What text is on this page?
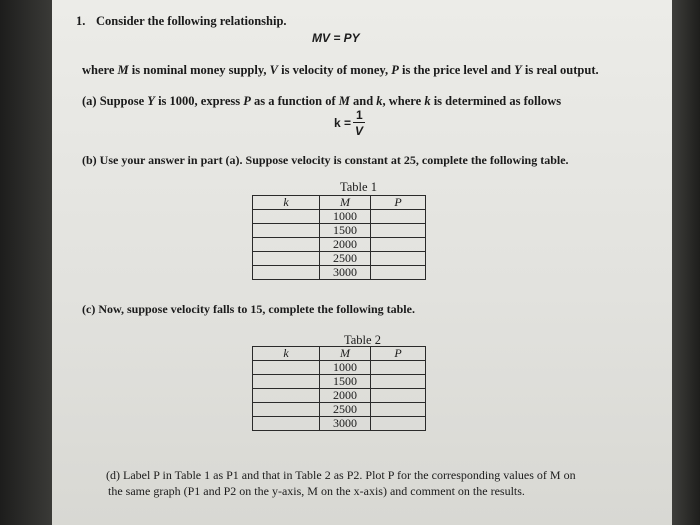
1. Consider the following relationship.
MV = PY
where M is nominal money supply, V is velocity of money, P is the price level and Y is real output.
(a) Suppose Y is 1000, express P as a function of M and k, where k is determined as follows
k =
1
V
(b) Use your answer in part (a). Suppose velocity is constant at 25, complete the following table.
Table 1
k	M	P
	1000	
	1500	
	2000	
	2500	
	3000	
(c) Now, suppose velocity falls to 15, complete the following table.
Table 2
k	M	P
	1000	
	1500	
	2000	
	2500	
	3000	
(d) Label P in Table 1 as P1 and that in Table 2 as P2. Plot P for the corresponding values of M on
the same graph (P1 and P2 on the y-axis, M on the x-axis) and comment on the results.
